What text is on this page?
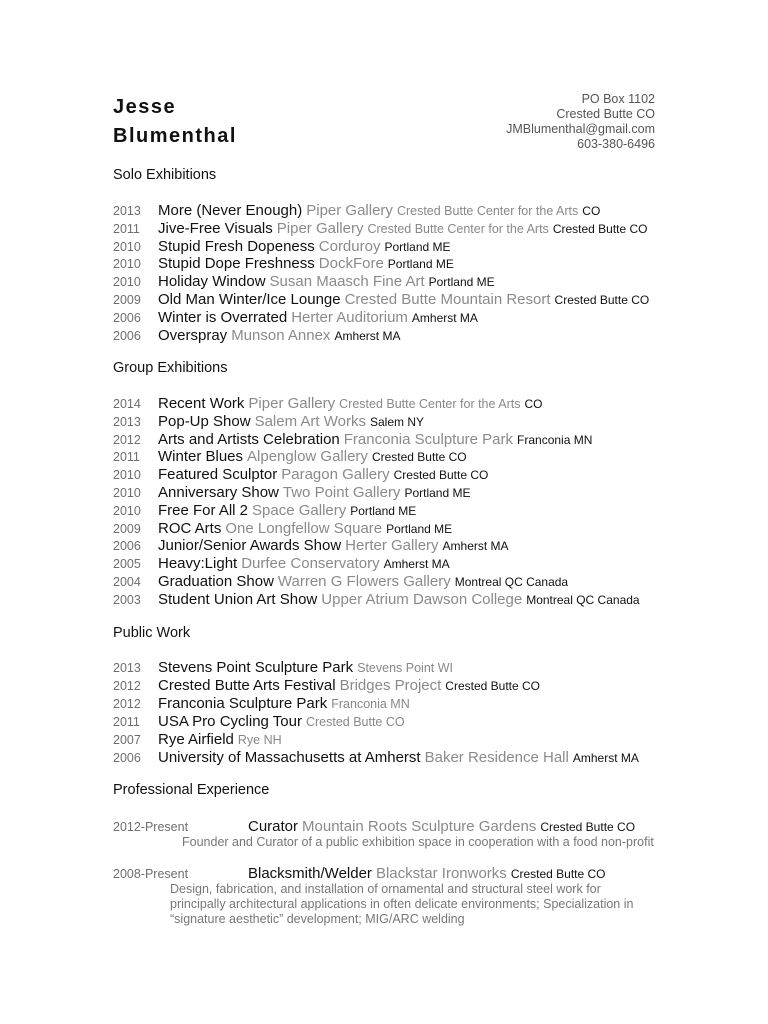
Jesse
Blumenthal
PO Box 1102
Crested Butte CO
JMBlumenthal@gmail.com
603-380-6496
Solo Exhibitions
2013 More (Never Enough) Piper Gallery Crested Butte Center for the Arts CO
2011 Jive-Free Visuals Piper Gallery Crested Butte Center for the Arts Crested Butte CO
2010 Stupid Fresh Dopeness Corduroy Portland ME
2010 Stupid Dope Freshness DockFore Portland ME
2010 Holiday Window Susan Maasch Fine Art Portland ME
2009 Old Man Winter/Ice Lounge Crested Butte Mountain Resort Crested Butte CO
2006 Winter is Overrated Herter Auditorium Amherst MA
2006 Overspray Munson Annex Amherst MA
Group Exhibitions
2014 Recent Work Piper Gallery Crested Butte Center for the Arts CO
2013 Pop-Up Show Salem Art Works Salem NY
2012 Arts and Artists Celebration Franconia Sculpture Park Franconia MN
2011 Winter Blues Alpenglow Gallery Crested Butte CO
2010 Featured Sculptor Paragon Gallery Crested Butte CO
2010 Anniversary Show Two Point Gallery Portland ME
2010 Free For All 2 Space Gallery Portland ME
2009 ROC Arts One Longfellow Square Portland ME
2006 Junior/Senior Awards Show Herter Gallery Amherst MA
2005 Heavy:Light Durfee Conservatory Amherst MA
2004 Graduation Show Warren G Flowers Gallery Montreal QC Canada
2003 Student Union Art Show Upper Atrium Dawson College Montreal QC Canada
Public Work
2013 Stevens Point Sculpture Park Stevens Point WI
2012 Crested Butte Arts Festival Bridges Project Crested Butte CO
2012 Franconia Sculpture Park Franconia MN
2011 USA Pro Cycling Tour Crested Butte CO
2007 Rye Airfield Rye NH
2006 University of Massachusetts at Amherst Baker Residence Hall Amherst MA
Professional Experience
2012-Present	Curator Mountain Roots Sculpture Gardens Crested Butte CO
Founder and Curator of a public exhibition space in cooperation with a food non-profit
2008-Present	Blacksmith/Welder Blackstar Ironworks Crested Butte CO
Design, fabrication, and installation of ornamental and structural steel work for
principally architectural applications in often delicate environments; Specialization in
“signature aesthetic” development; MIG/ARC welding
